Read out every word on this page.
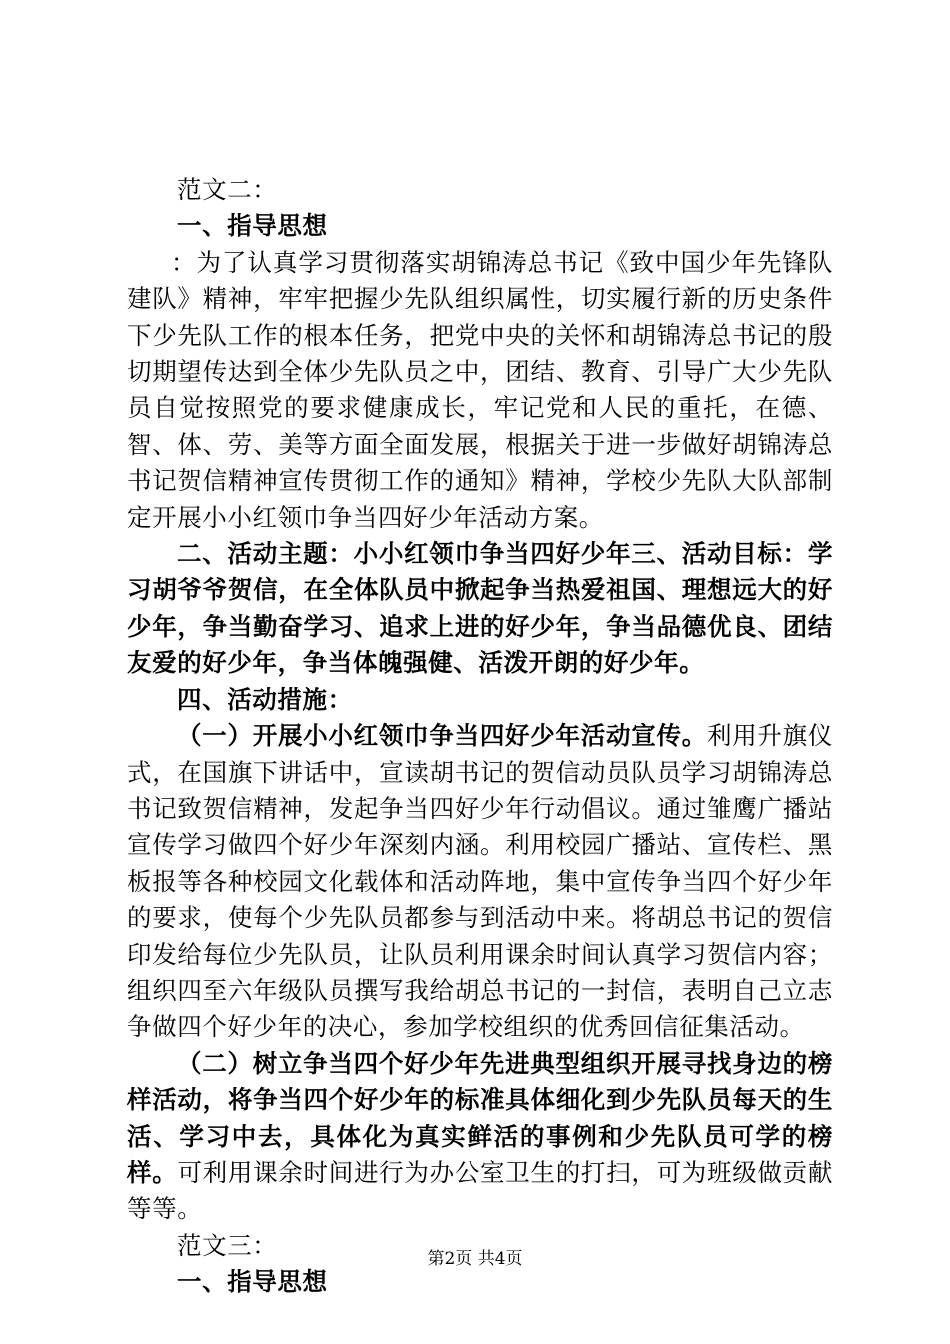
范文二：

一、指导思想

：为了认真学习贯彻落实胡锦涛总书记《致中国少年先锋队建队》精神，牢牢把握少先队组织属性，切实履行新的历史条件下少先队工作的根本任务，把党中央的关怀和胡锦涛总书记的殷切期望传达到全体少先队员之中，团结、教育、引导广大少先队员自觉按照党的要求健康成长，牢记党和人民的重托，在德、智、体、劳、美等方面全面发展，根据关于进一步做好胡锦涛总书记贺信精神宣传贯彻工作的通知》精神，学校少先队大队部制定开展小小红领巾争当四好少年活动方案。

二、活动主题：小小红领巾争当四好少年三、活动目标：学习胡爷爷贺信，在全体队员中掀起争当热爱祖国、理想远大的好少年，争当勤奋学习、追求上进的好少年，争当品德优良、团结友爱的好少年，争当体魄强健、活泼开朗的好少年。

四、活动措施：

（一）开展小小红领巾争当四好少年活动宣传。利用升旗仪式，在国旗下讲话中，宣读胡书记的贺信动员队员学习胡锦涛总书记致贺信精神，发起争当四好少年行动倡议。通过雏鹰广播站宣传学习做四个好少年深刻内涵。利用校园广播站、宣传栏、黑板报等各种校园文化载体和活动阵地，集中宣传争当四个好少年的要求，使每个少先队员都参与到活动中来。将胡总书记的贺信印发给每位少先队员，让队员利用课余时间认真学习贺信内容；组织四至六年级队员撰写我给胡总书记的一封信，表明自己立志争做四个好少年的决心，参加学校组织的优秀回信征集活动。

（二）树立争当四个好少年先进典型组织开展寻找身边的榜样活动，将争当四个好少年的标准具体细化到少先队员每天的生活、学习中去，具体化为真实鲜活的事例和少先队员可学的榜样。可利用课余时间进行为办公室卫生的打扫，可为班级做贡献等等。

范文三：

一、指导思想

第2页 共4页
